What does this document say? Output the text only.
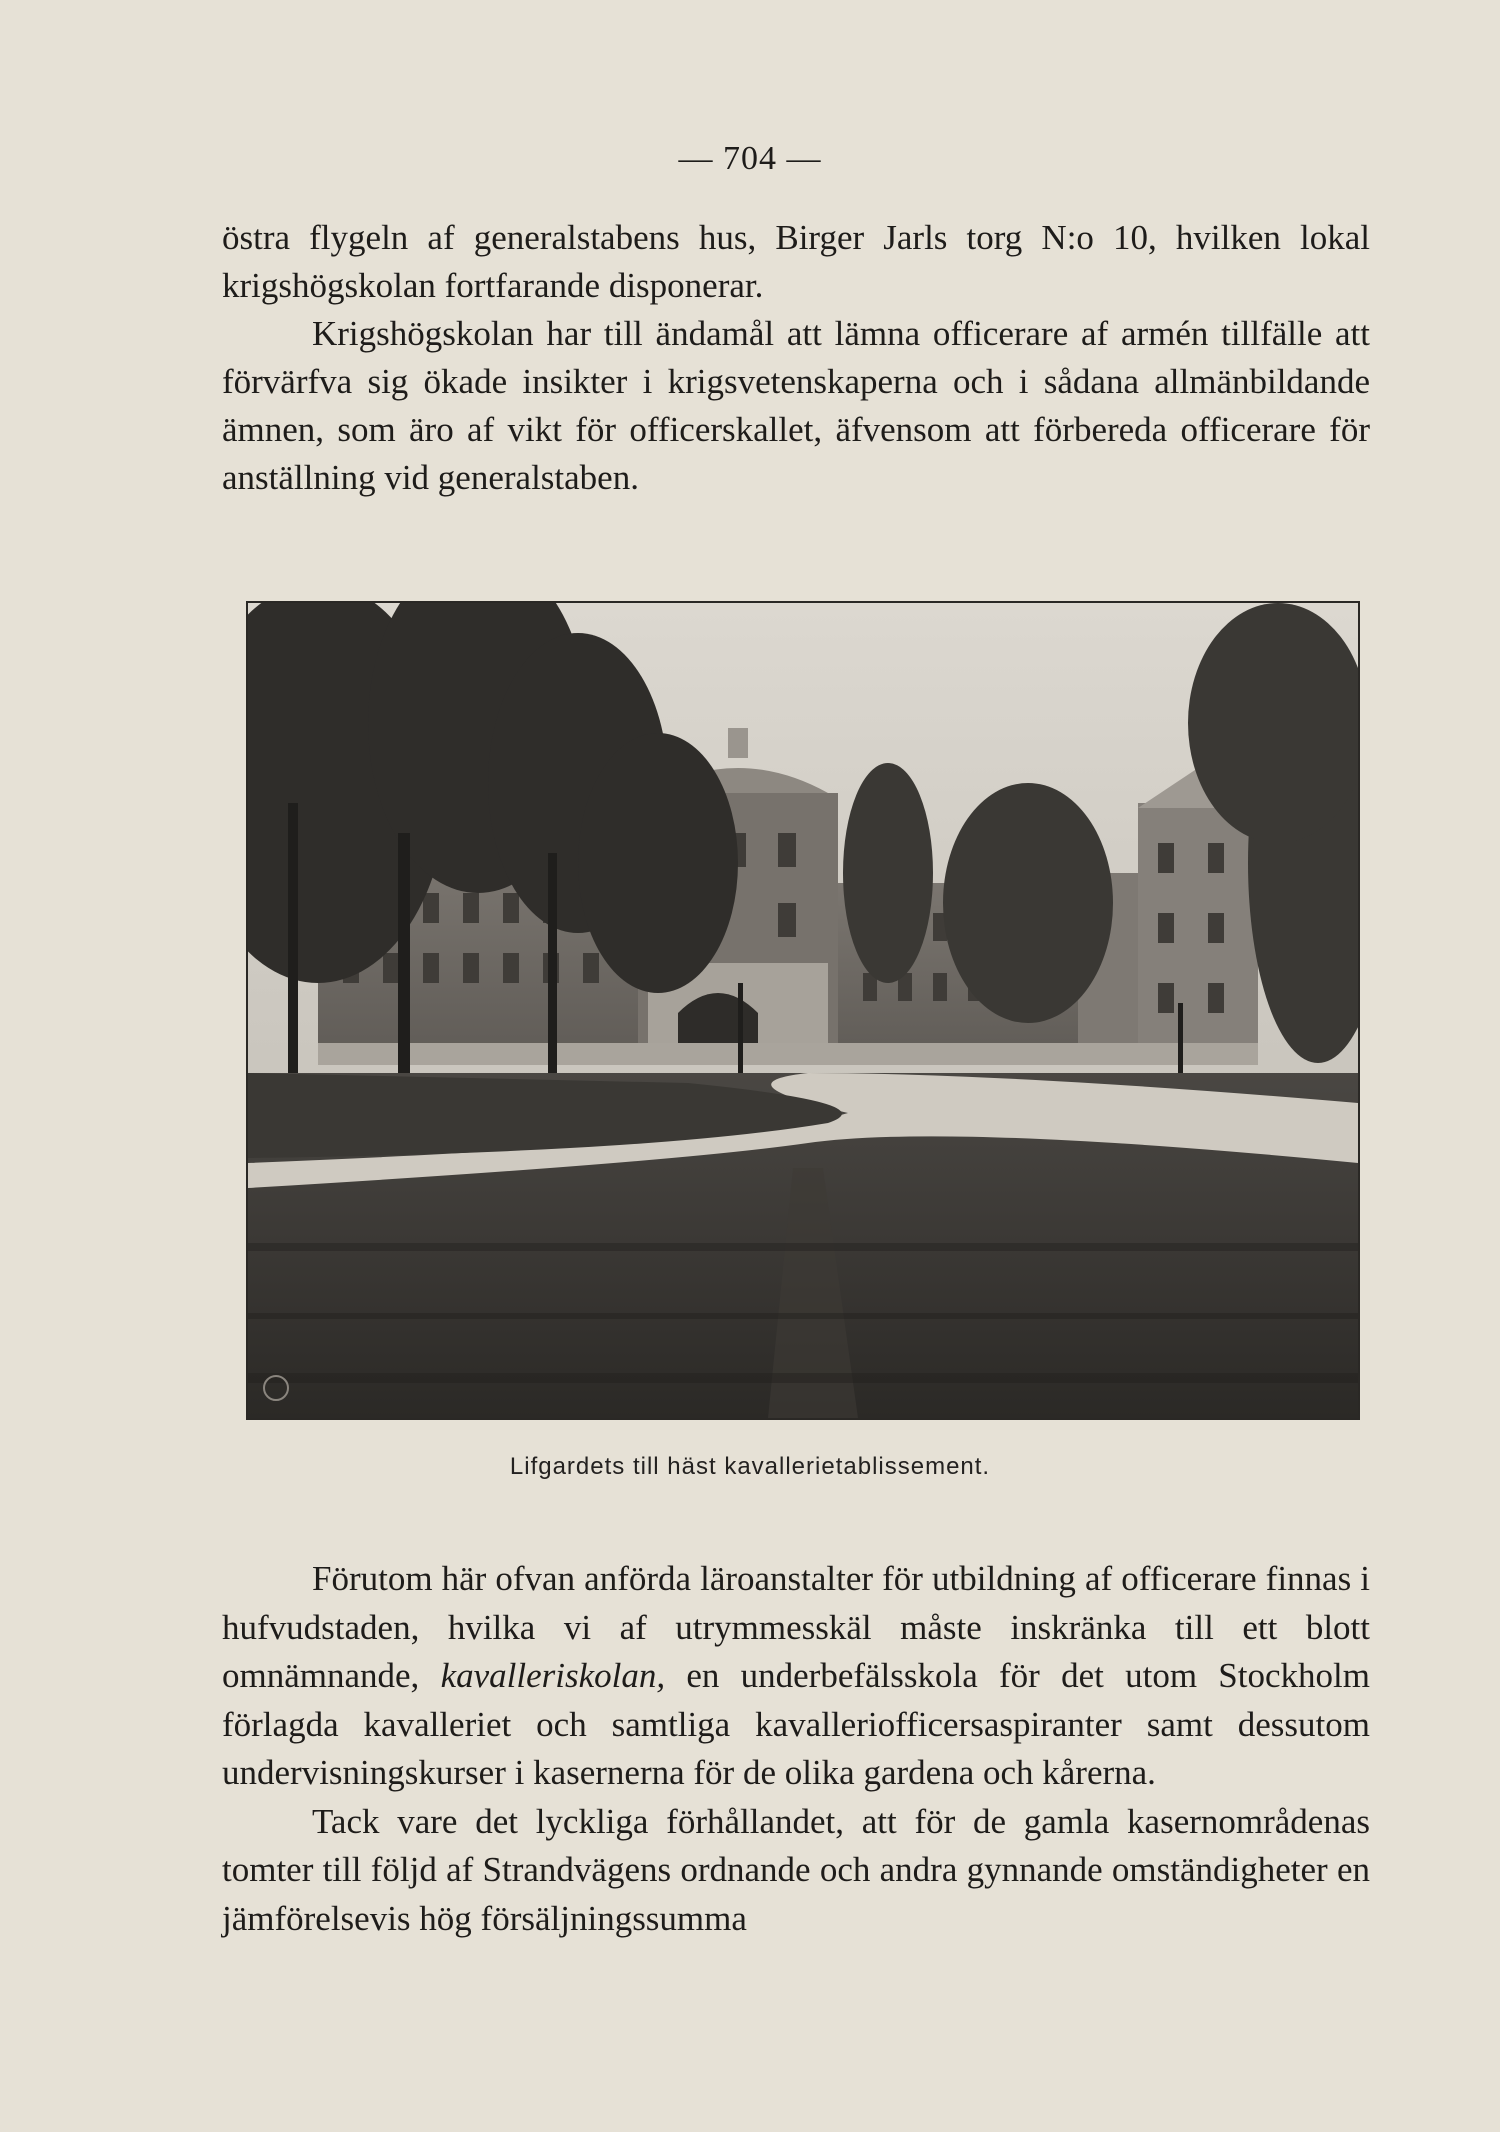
— 704 —

östra flygeln af generalstabens hus, Birger Jarls torg N:o 10, hvilken lokal krigshögskolan fortfarande disponerar.

Krigshögskolan har till ändamål att lämna officerare af armén tillfälle att förvärfva sig ökade insikter i krigsvetenskaperna och i sådana allmänbildande ämnen, som äro af vikt för officerskallet, äfvensom att förbereda officerare för anställning vid generalstaben.

Lifgardets till häst kavallerietablissement.

Förutom här ofvan anförda läroanstalter för utbildning af officerare finnas i hufvudstaden, hvilka vi af utrymmesskäl måste inskränka till ett blott omnämnande, kavalleriskolan, en underbefälsskola för det utom Stockholm förlagda kavalleriet och samtliga kavalleriofficersaspiranter samt dessutom undervisningskurser i kasernerna för de olika gardena och kårerna.

Tack vare det lyckliga förhållandet, att för de gamla kasernområdenas tomter till följd af Strandvägens ordnande och andra gynnande omständigheter en jämförelsevis hög försäljningssumma
